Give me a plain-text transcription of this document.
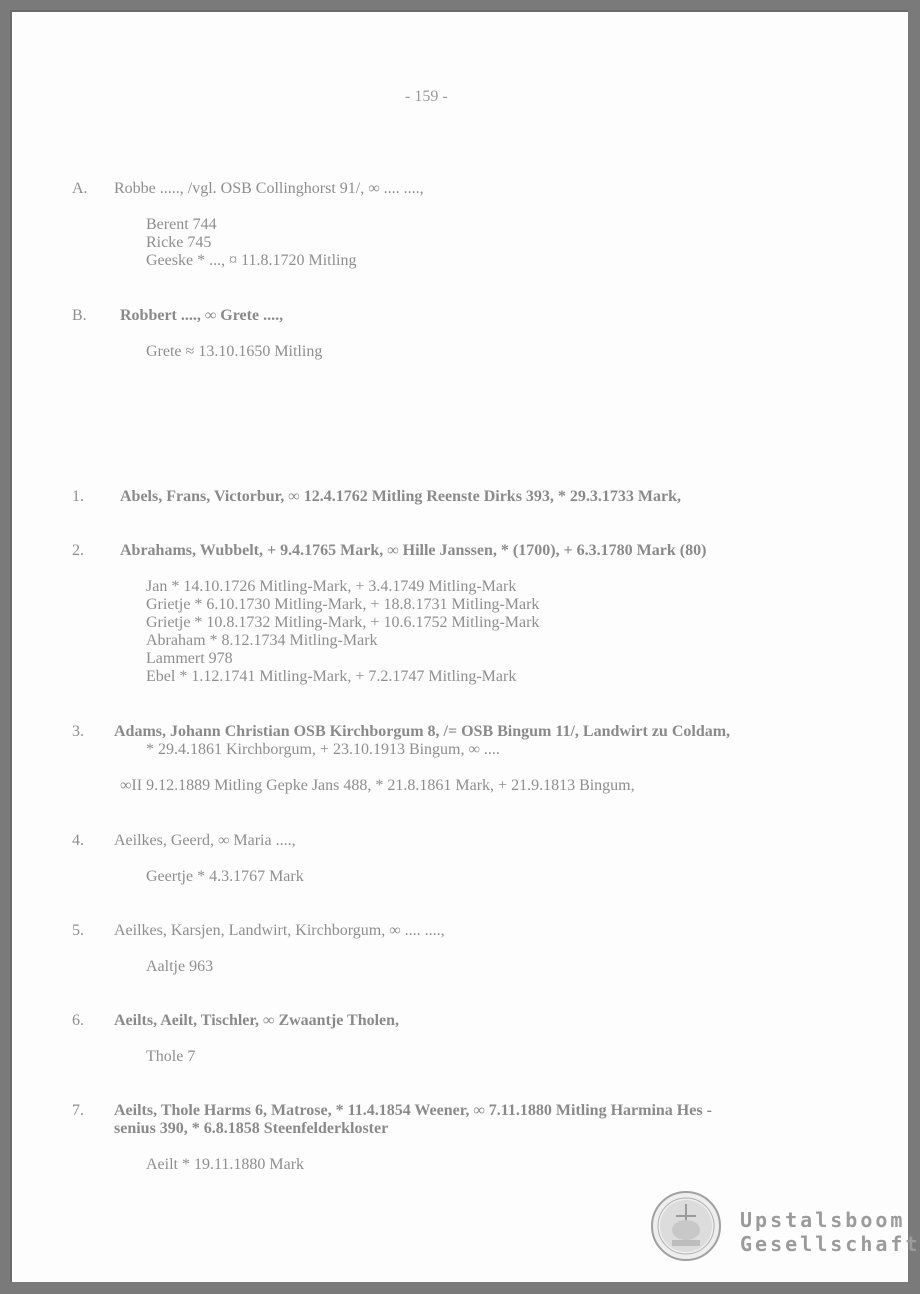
- 159 -
A. Robbe ....., /vgl. OSB Collinghorst 91/, ∞ .... ....,
Berent 744
Ricke 745
Geeske * ..., ¤ 11.8.1720 Mitling
B. Robbert ...., ∞ Grete ....,
Grete ≈ 13.10.1650 Mitling
1. Abels, Frans, Victorbur, ∞ 12.4.1762 Mitling Reenste Dirks 393, * 29.3.1733 Mark,
2. Abrahams, Wubbelt, + 9.4.1765 Mark, ∞ Hille Janssen, * (1700), + 6.3.1780 Mark (80)
Jan * 14.10.1726 Mitling-Mark, + 3.4.1749 Mitling-Mark
Grietje * 6.10.1730 Mitling-Mark, + 18.8.1731 Mitling-Mark
Grietje * 10.8.1732 Mitling-Mark, + 10.6.1752 Mitling-Mark
Abraham * 8.12.1734 Mitling-Mark
Lammert 978
Ebel * 1.12.1741 Mitling-Mark, + 7.2.1747 Mitling-Mark
3. Adams, Johann Christian OSB Kirchborgum 8, /= OSB Bingum 11/, Landwirt zu Coldam,
* 29.4.1861 Kirchborgum, + 23.10.1913 Bingum, ∞ ....
∞II 9.12.1889 Mitling Gepke Jans 488, * 21.8.1861 Mark, + 21.9.1813 Bingum,
4. Aeilkes, Geerd, ∞ Maria ....,
Geertje * 4.3.1767 Mark
5. Aeilkes, Karsjen, Landwirt, Kirchborgum, ∞ .... ....,
Aaltje 963
6. Aeilts, Aeilt, Tischler, ∞ Zwaantje Tholen,
Thole 7
7. Aeilts, Thole Harms 6, Matrose, * 11.4.1854 Weener, ∞ 7.11.1880 Mitling Harmina Hes -
senius 390, * 6.8.1858 Steenfelderkloster
Aeilt * 19.11.1880 Mark
Upstalsboom
Gesellschaft
